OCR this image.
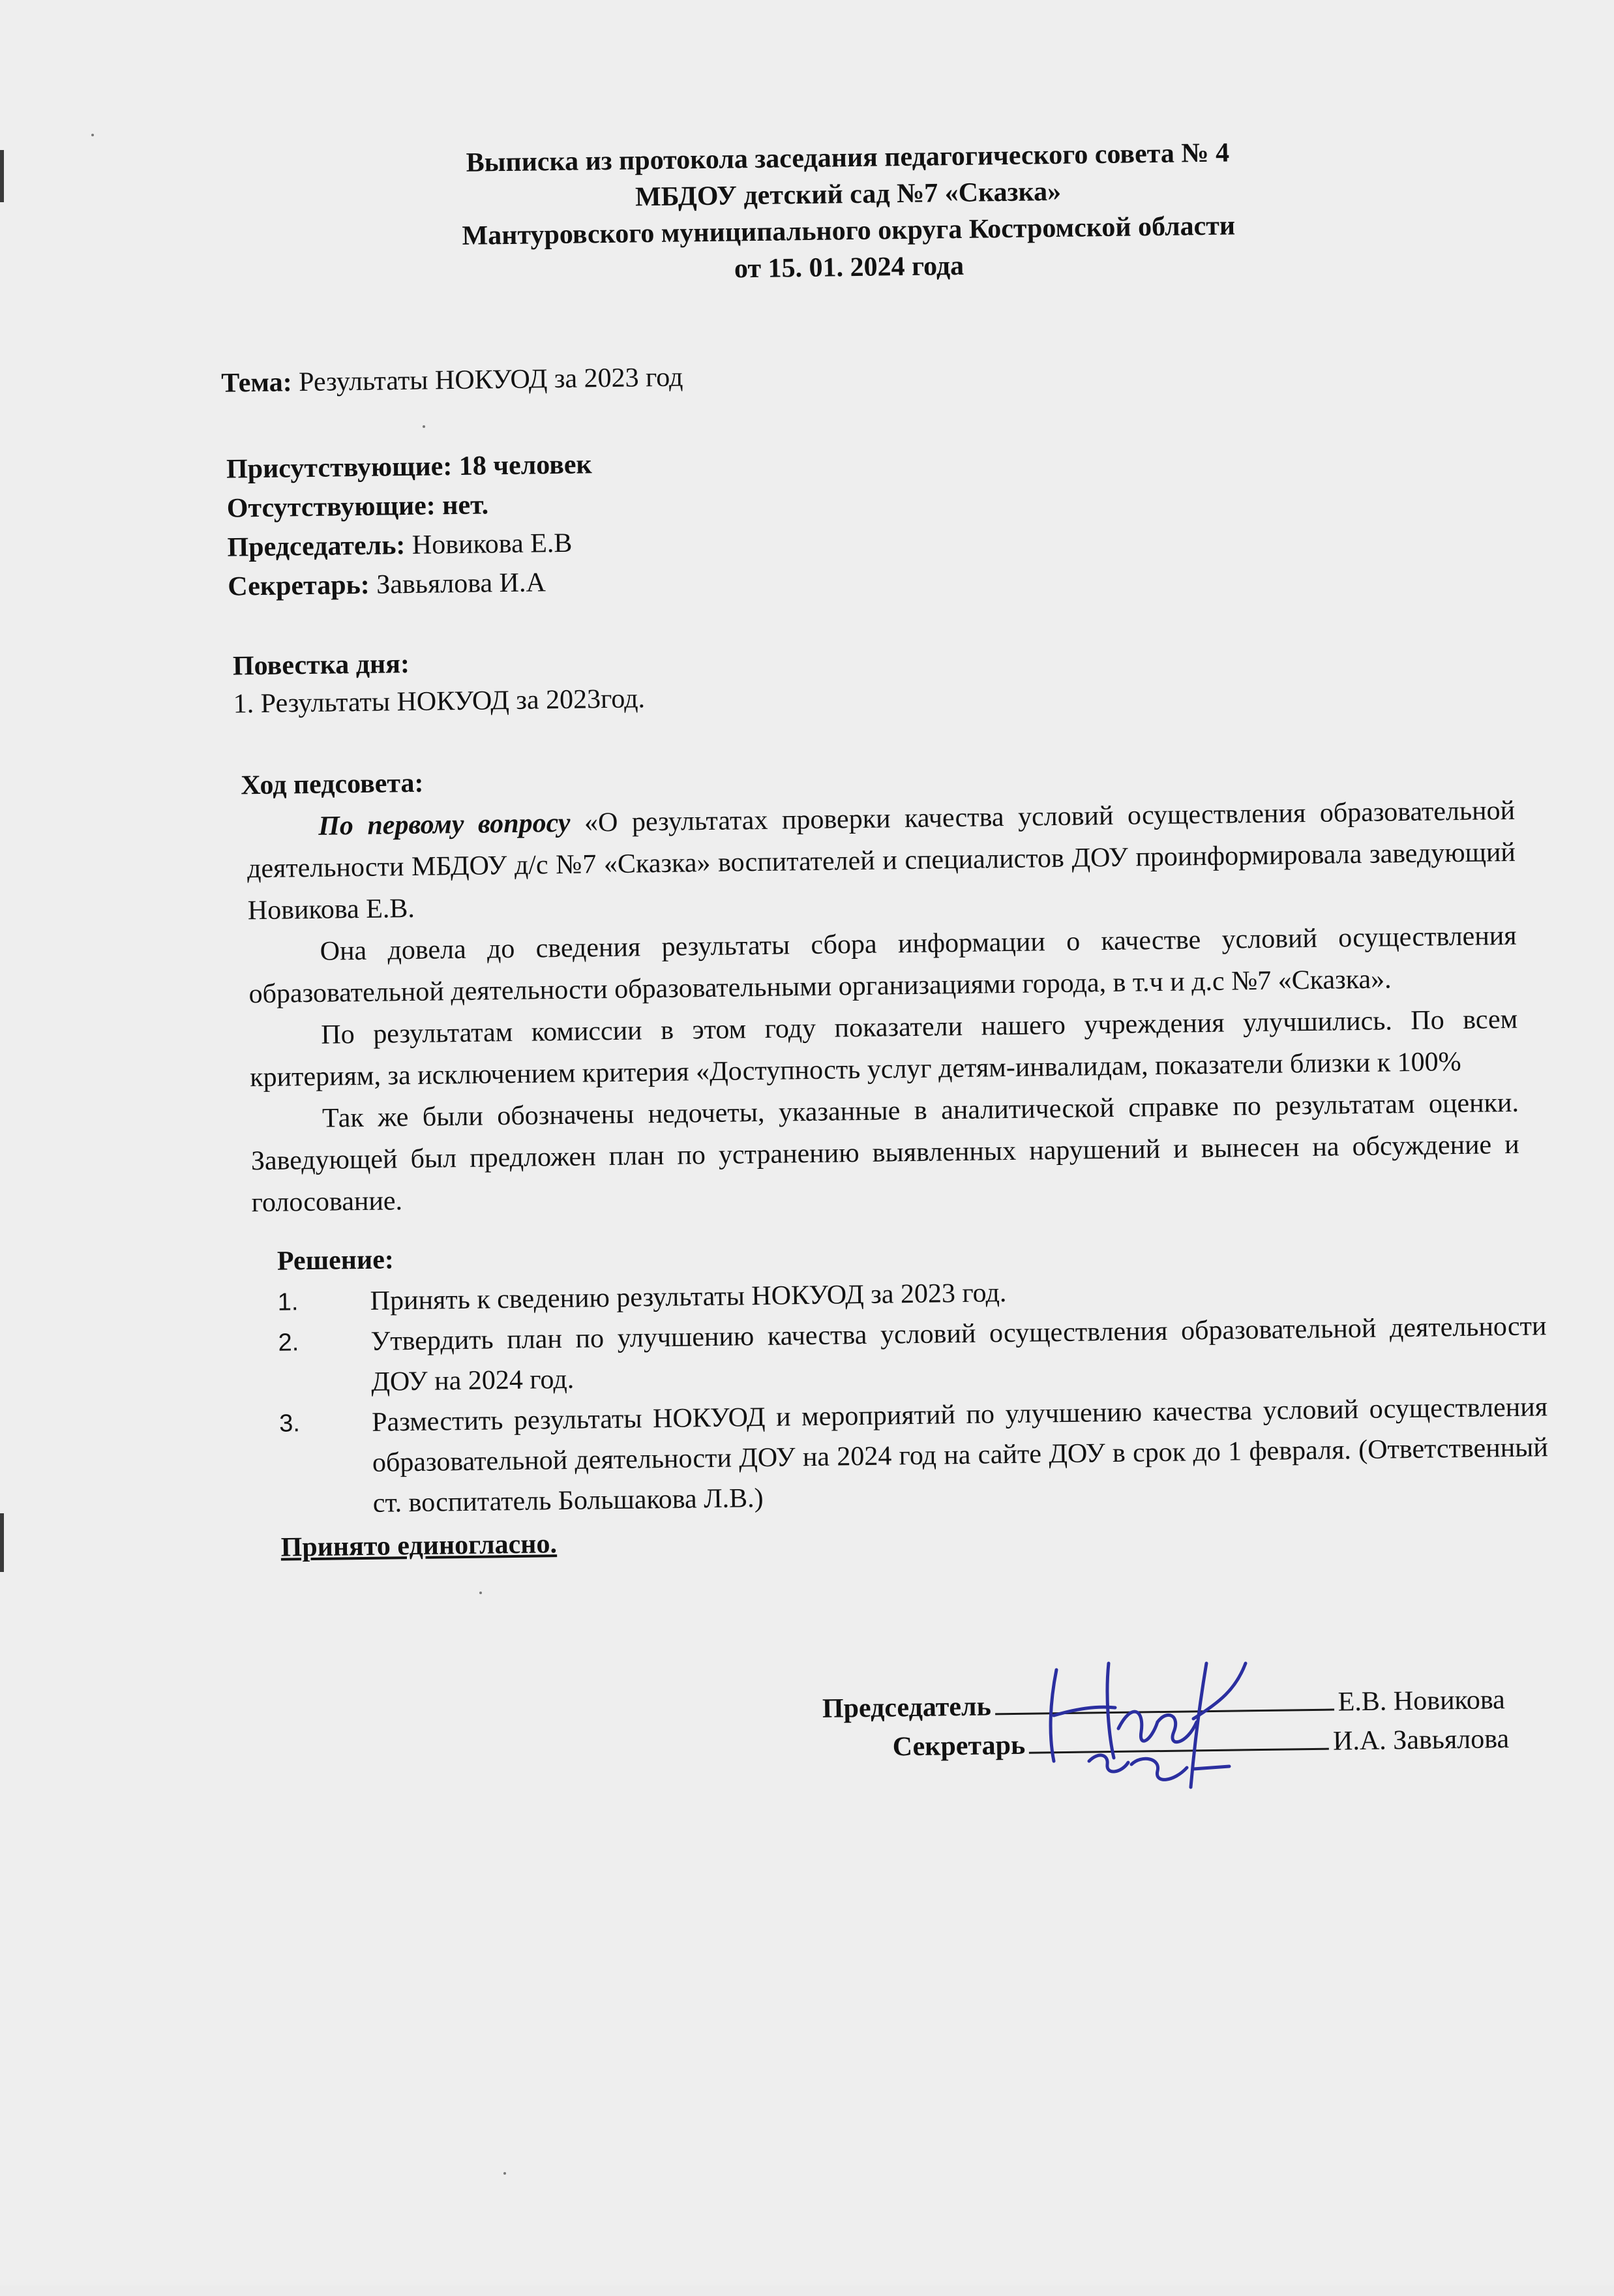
Выписка из протокола заседания педагогического совета № 4
МБДОУ детский сад №7 «Сказка»
Мантуровского муниципального округа Костромской области
от 15. 01. 2024 года
Тема: Результаты НОКУОД за 2023 год
Присутствующие: 18 человек
Отсутствующие: нет.
Председатель: Новикова Е.В
Секретарь: Завьялова И.А
Повестка дня:
1. Результаты НОКУОД за 2023год.
Ход педсовета:

По первому вопросу «О результатах проверки качества условий осуществления образовательной деятельности МБДОУ д/с №7 «Сказка» воспитателей и специалистов ДОУ проинформировала заведующий Новикова Е.В.

Она довела до сведения результаты сбора информации о качестве условий осуществления образовательной деятельности образовательными организациями города, в т.ч и д.с №7 «Сказка».

По результатам комиссии в этом году показатели нашего учреждения улучшились. По всем критериям, за исключением критерия «Доступность услуг детям-инвалидам, показатели близки к 100%

Так же были обозначены недочеты, указанные в аналитической справке по результатам оценки. Заведующей был предложен план по устранению выявленных нарушений и вынесен на обсуждение и голосование.

Решение:
1.	Принять к сведению результаты НОКУОД за 2023 год.
2.	Утвердить план по улучшению качества условий осуществления образовательной деятельности ДОУ на 2024 год.
3.	Разместить результаты НОКУОД и мероприятий по улучшению качества условий осуществления образовательной деятельности ДОУ на 2024 год на сайте ДОУ в срок до 1 февраля. (Ответственный ст. воспитатель Большакова Л.В.)
Принято единогласно.
Председатель	Е.В. Новикова
Секретарь	И.А. Завьялова
